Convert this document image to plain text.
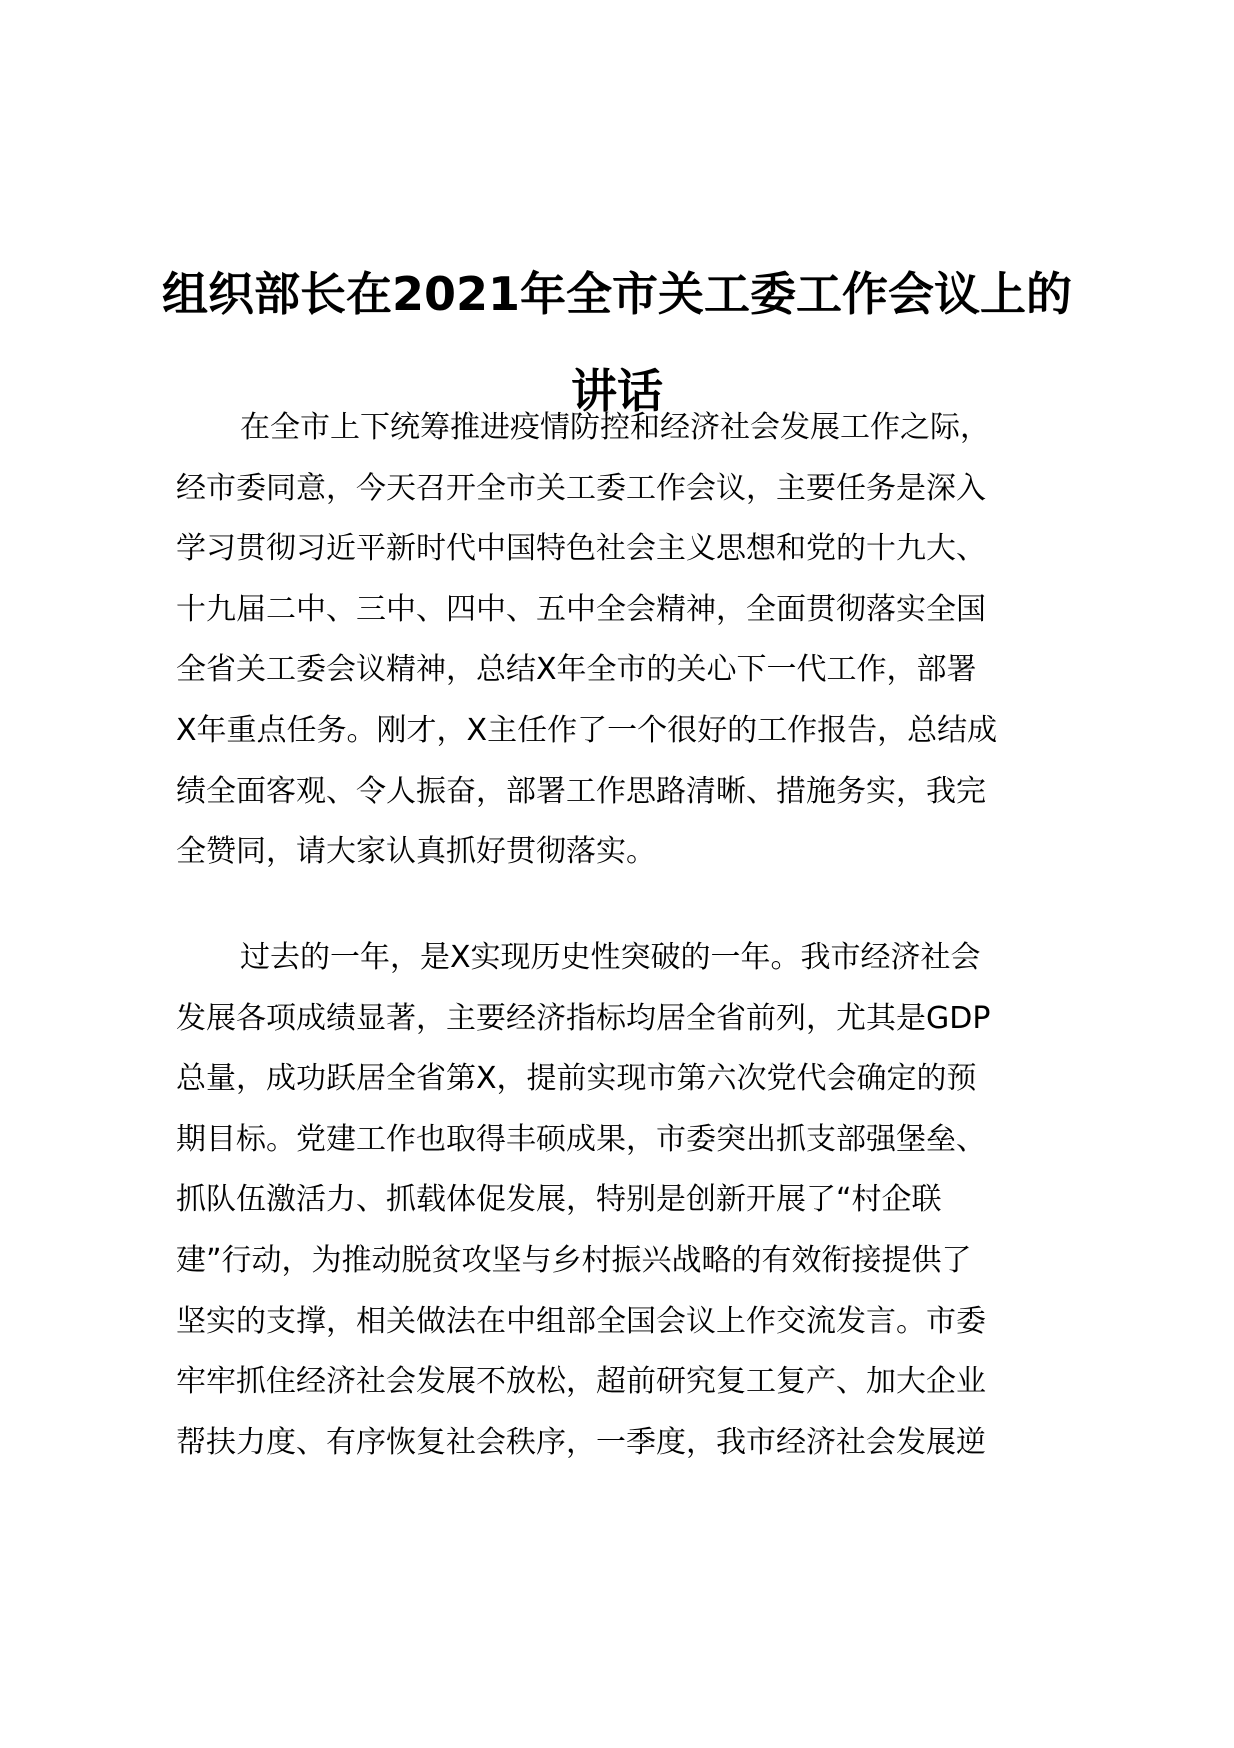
组织部长在2021年全市关工委工作会议上的
讲话

在全市上下统筹推进疫情防控和经济社会发展工作之际，
经市委同意，今天召开全市关工委工作会议，主要任务是深入
学习贯彻习近平新时代中国特色社会主义思想和党的十九大、
十九届二中、三中、四中、五中全会精神，全面贯彻落实全国
全省关工委会议精神，总结X年全市的关心下一代工作，部署
X年重点任务。刚才，X主任作了一个很好的工作报告，总结成
绩全面客观、令人振奋，部署工作思路清晰、措施务实，我完
全赞同，请大家认真抓好贯彻落实。

过去的一年，是X实现历史性突破的一年。我市经济社会
发展各项成绩显著，主要经济指标均居全省前列，尤其是GDP
总量，成功跃居全省第X，提前实现市第六次党代会确定的预
期目标。党建工作也取得丰硕成果，市委突出抓支部强堡垒、
抓队伍激活力、抓载体促发展，特别是创新开展了“村企联
建”行动，为推动脱贫攻坚与乡村振兴战略的有效衔接提供了
坚实的支撑，相关做法在中组部全国会议上作交流发言。市委
牢牢抓住经济社会发展不放松，超前研究复工复产、加大企业
帮扶力度、有序恢复社会秩序，一季度，我市经济社会发展逆
